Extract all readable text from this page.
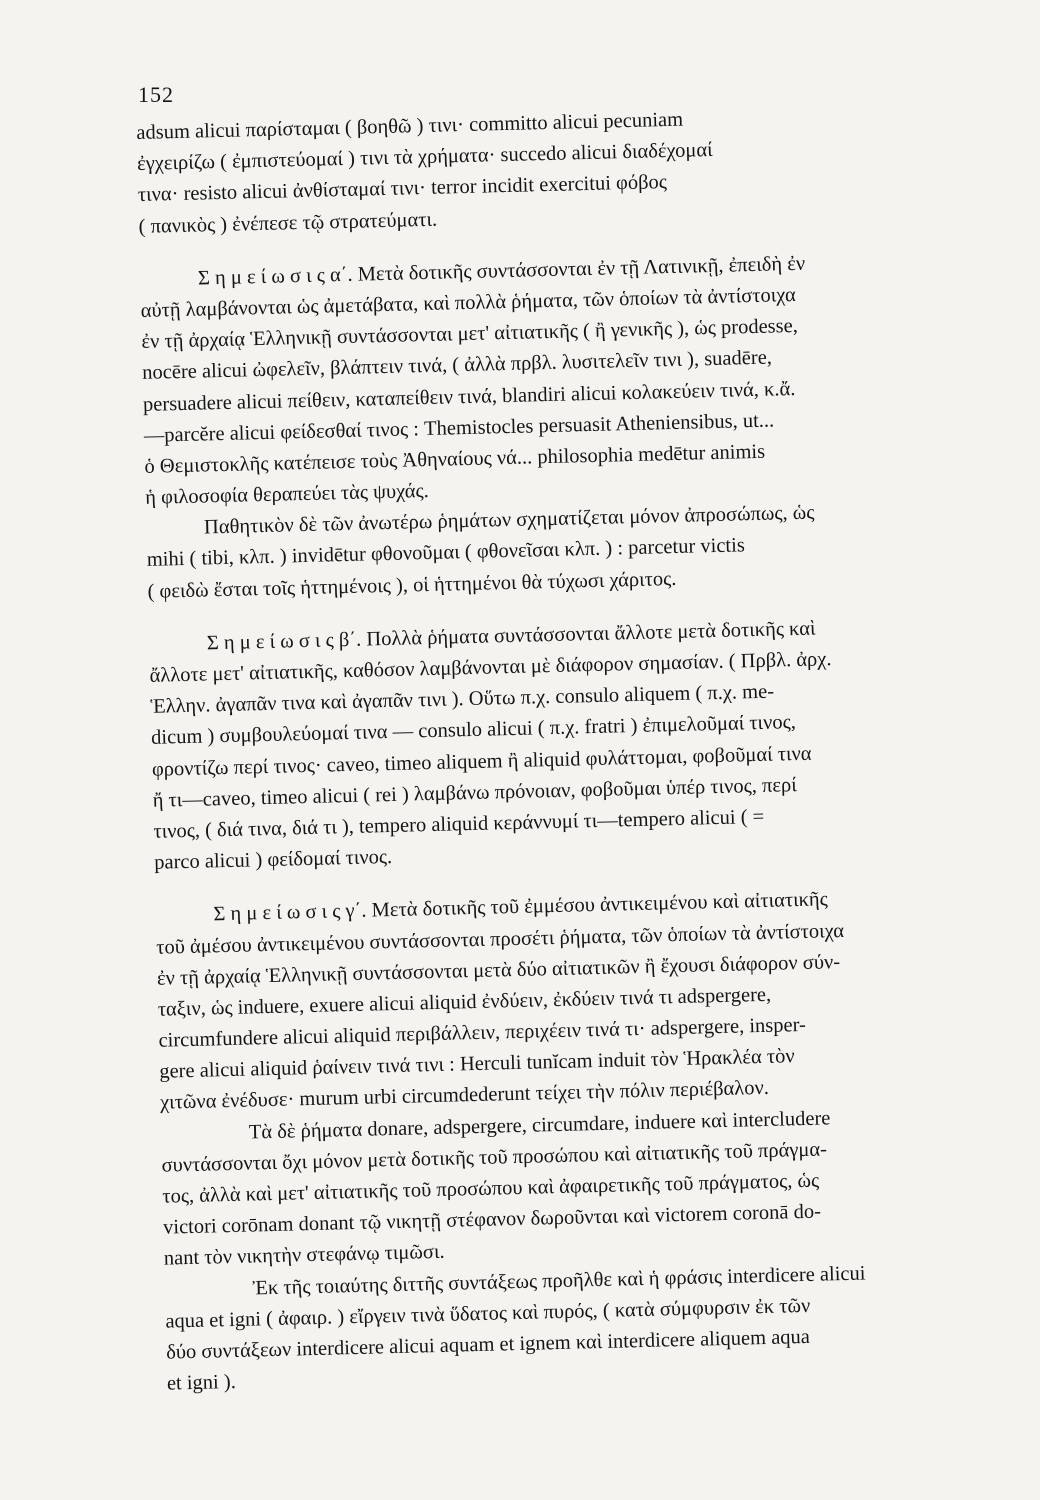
152
adsum alicui παρίσταμαι ( βοηθῶ ) τινι· committo alicui pecuniam
ἐγχειρίζω ( ἐμπιστεύομαί ) τινι τὰ χρήματα· succedo alicui διαδέχομαί
τινα· resisto alicui ἀνθίσταμαί τινι· terror incidit exercitui φόβος
( πανικὸς ) ἐνέπεσε τῷ στρατεύματι.
Σ η μ ε ί ω σ ι ς α΄. Μετὰ δοτικῆς συντάσσονται ἐν τῇ Λατινικῇ, ἐπειδὴ ἐν
αὐτῇ λαμβάνονται ὡς ἀμετάβατα, καὶ πολλὰ ῥήματα, τῶν ὁποίων τὰ ἀντίστοιχα
ἐν τῇ ἀρχαίᾳ Ἑλληνικῇ συντάσσονται μετ' αἰτιατικῆς ( ἢ γενικῆς ), ὡς prodesse,
nocēre alicui ὠφελεῖν, βλάπτειν τινά, ( ἀλλὰ πρβλ. λυσιτελεῖν τινι ), suadēre,
persuadere alicui πείθειν, καταπείθειν τινά, blandiri alicui κολακεύειν τινά, κ.ἄ.
—parcĕre alicui φείδεσθαί τινος : Themistocles persuasit Atheniensibus, ut...
ὁ Θεμιστοκλῆς κατέπεισε τοὺς Ἀθηναίους νά... philosophia medētur animis
ἡ φιλοσοφία θεραπεύει τὰς ψυχάς.
Παθητικὸν δὲ τῶν ἀνωτέρω ῥημάτων σχηματίζεται μόνον ἀπροσώπως, ὡς
mihi ( tibi, κλπ. ) invidētur φθονοῦμαι ( φθονεῖσαι κλπ. ) : parcetur victis
( φειδὼ ἔσται τοῖς ἡττημένοις ), οἱ ἡττημένοι θὰ τύχωσι χάριτος.
Σ η μ ε ί ω σ ι ς β΄. Πολλὰ ῥήματα συντάσσονται ἄλλοτε μετὰ δοτικῆς καὶ
ἄλλοτε μετ' αἰτιατικῆς, καθόσον λαμβάνονται μὲ διάφορον σημασίαν. ( Πρβλ. ἀρχ.
Ἑλλην. ἀγαπᾶν τινα καὶ ἀγαπᾶν τινι ). Οὕτω π.χ. consulo aliquem ( π.χ. me-
dicum ) συμβουλεύομαί τινα — consulo alicui ( π.χ. fratri ) ἐπιμελοῦμαί τινος,
φροντίζω περί τινος· caveo, timeo aliquem ἢ aliquid φυλάττομαι, φοβοῦμαί τινα
ἤ τι—caveo, timeo alicui ( rei ) λαμβάνω πρόνοιαν, φοβοῦμαι ὑπέρ τινος, περί
τινος, ( διά τινα, διά τι ), tempero aliquid κεράννυμί τι—tempero alicui ( =
parco alicui ) φείδομαί τινος.
Σ η μ ε ί ω σ ι ς γ΄. Μετὰ δοτικῆς τοῦ ἐμμέσου ἀντικειμένου καὶ αἰτιατικῆς
τοῦ ἀμέσου ἀντικειμένου συντάσσονται προσέτι ῥήματα, τῶν ὁποίων τὰ ἀντίστοιχα
ἐν τῇ ἀρχαίᾳ Ἑλληνικῇ συντάσσονται μετὰ δύο αἰτιατικῶν ἢ ἔχουσι διάφορον σύν-
ταξιν, ὡς induere, exuere alicui aliquid ἐνδύειν, ἐκδύειν τινά τι adspergere,
circumfundere alicui aliquid περιβάλλειν, περιχέειν τινά τι· adspergere, insper-
gere alicui aliquid ῥαίνειν τινά τινι : Herculi tunĭcam induit τὸν Ἡρακλέα τὸν
χιτῶνα ἐνέδυσε· murum urbi circumdederunt τείχει τὴν πόλιν περιέβαλον.
Τὰ δὲ ῥήματα donare, adspergere, circumdare, induere καὶ intercludere
συντάσσονται ὄχι μόνον μετὰ δοτικῆς τοῦ προσώπου καὶ αἰτιατικῆς τοῦ πράγμα-
τος, ἀλλὰ καὶ μετ' αἰτιατικῆς τοῦ προσώπου καὶ ἀφαιρετικῆς τοῦ πράγματος, ὡς
victori corōnam donant τῷ νικητῇ στέφανον δωροῦνται καὶ victorem coronā do-
nant τὸν νικητὴν στεφάνῳ τιμῶσι.
Ἐκ τῆς τοιαύτης διττῆς συντάξεως προῆλθε καὶ ἡ φράσις interdicere alicui
aqua et igni ( ἀφαιρ. ) εἴργειν τινὰ ὕδατος καὶ πυρός, ( κατὰ σύμφυρσιν ἐκ τῶν
δύο συντάξεων interdicere alicui aquam et ignem καὶ interdicere aliquem aqua
et igni ).
